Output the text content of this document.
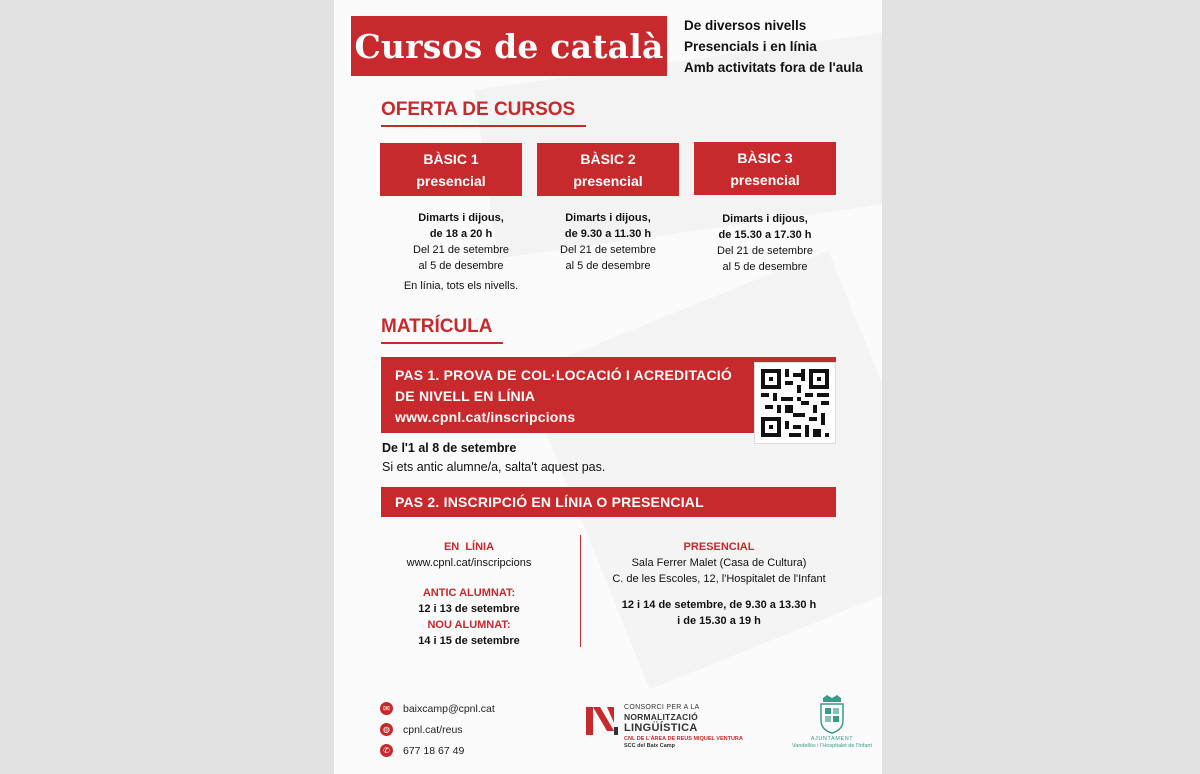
Cursos de català
De diversos nivells
Presencials i en línia
Amb activitats fora de l'aula
OFERTA DE CURSOS
BÀSIC 1
presencial
BÀSIC 2
presencial
BÀSIC 3
presencial
Dimarts i dijous,
de 18 a 20 h
Del 21 de setembre
al 5 de desembre
Dimarts i dijous,
de 9.30 a 11.30 h
Del 21 de setembre
al 5 de desembre
Dimarts i dijous,
de 15.30 a 17.30 h
Del 21 de setembre
al 5 de desembre
En línia, tots els nivells.
MATRÍCULA
PAS 1. PROVA DE COL·LOCACIÓ I ACREDITACIÓ
DE NIVELL EN LÍNIA
www.cpnl.cat/inscripcions
De l'1 al 8 de setembre
Si ets antic alumne/a, salta't aquest pas.
PAS 2. INSCRIPCIÓ EN LÍNIA O PRESENCIAL
EN  LÍNIA
www.cpnl.cat/inscripcions
ANTIC ALUMNAT:
12 i 13 de setembre
NOU ALUMNAT:
14 i 15 de setembre
PRESENCIAL
Sala Ferrer Malet (Casa de Cultura)
C. de les Escoles, 12, l'Hospitalet de l'Infant
12 i 14 de setembre, de 9.30 a 13.30 h
i de 15.30 a 19 h
✉	baixcamp@cpnl.cat
◍ cpnl.cat/reus
✆	677 18 67 49
CONSORCI PER A LA
NORMALITZACIÓ
LINGÜÍSTICA
CNL DE L'ÀREA DE REUS MIQUEL VENTURA
SCC del Baix Camp
AJUNTAMENT
Vandellòs i l'Hospitalet de l'Infant
